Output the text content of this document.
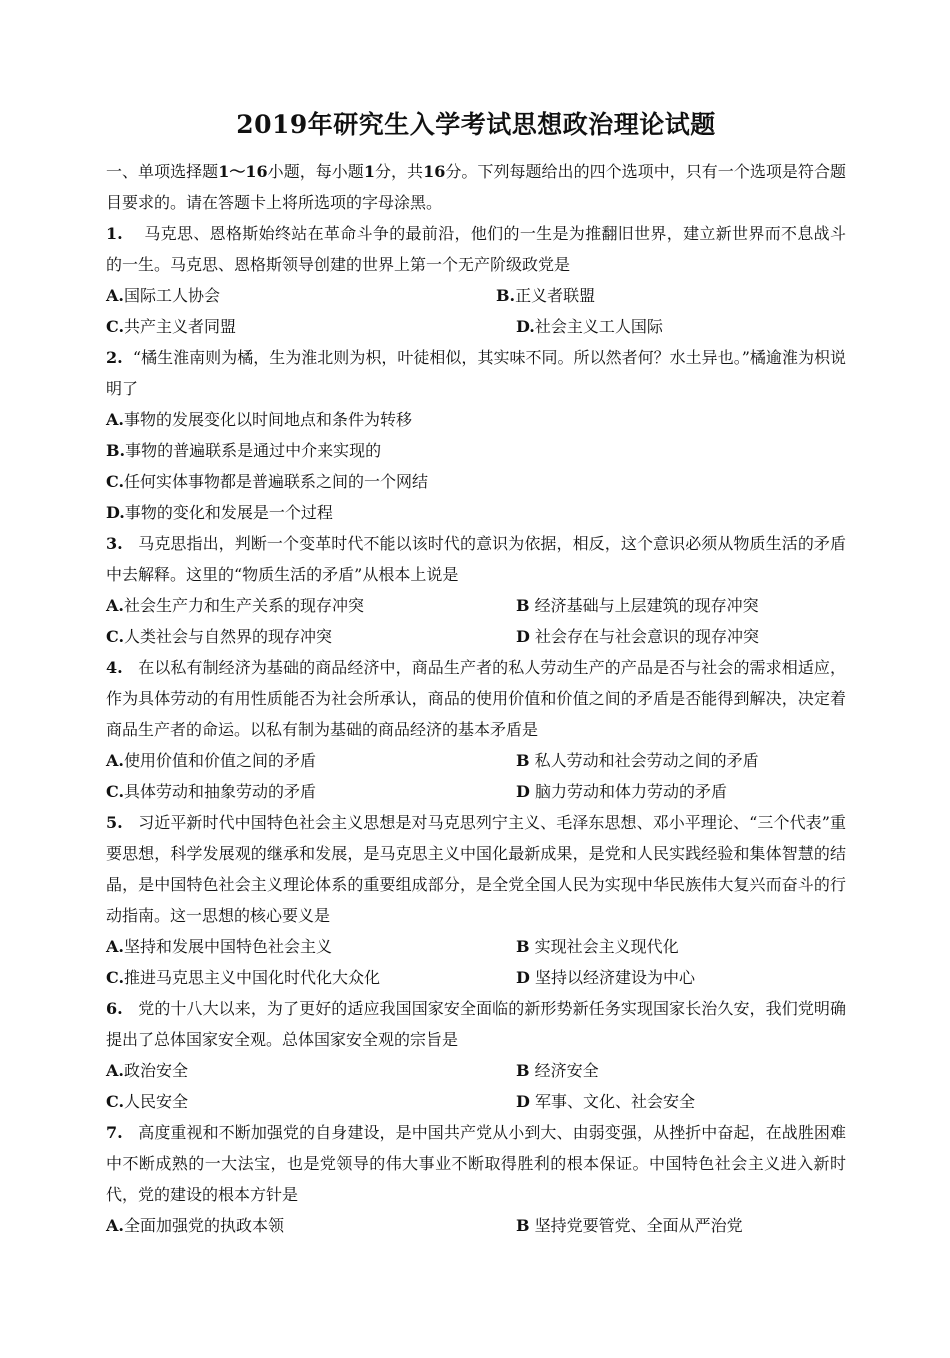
2019年研究生入学考试思想政治理论试题

一、单项选择题1～16小题，每小题1分，共16分。下列每题给出的四个选项中，只有一个选项是符合题目要求的。请在答题卡上将所选项的字母涂黑。

1. 马克思、恩格斯始终站在革命斗争的最前沿，他们的一生是为推翻旧世界，建立新世界而不息战斗的一生。马克思、恩格斯领导创建的世界上第一个无产阶级政党是

A.国际工人协会	B.正义者联盟
C.共产主义者同盟	D.社会主义工人国际

2. “橘生淮南则为橘，生为淮北则为枳，叶徒相似，其实味不同。所以然者何？水土异也。”橘逾淮为枳说明了

A.事物的发展变化以时间地点和条件为转移
B.事物的普遍联系是通过中介来实现的
C.任何实体事物都是普遍联系之间的一个网结
D.事物的变化和发展是一个过程

3. 马克思指出，判断一个变革时代不能以该时代的意识为依据，相反，这个意识必须从物质生活的矛盾中去解释。这里的“物质生活的矛盾”从根本上说是

A.社会生产力和生产关系的现存冲突	B 经济基础与上层建筑的现存冲突
C.人类社会与自然界的现存冲突	D 社会存在与社会意识的现存冲突

4. 在以私有制经济为基础的商品经济中，商品生产者的私人劳动生产的产品是否与社会的需求相适应，作为具体劳动的有用性质能否为社会所承认，商品的使用价值和价值之间的矛盾是否能得到解决，决定着商品生产者的命运。以私有制为基础的商品经济的基本矛盾是

A.使用价值和价值之间的矛盾	B 私人劳动和社会劳动之间的矛盾
C.具体劳动和抽象劳动的矛盾	D 脑力劳动和体力劳动的矛盾

5. 习近平新时代中国特色社会主义思想是对马克思列宁主义、毛泽东思想、邓小平理论、“三个代表”重要思想，科学发展观的继承和发展，是马克思主义中国化最新成果，是党和人民实践经验和集体智慧的结晶，是中国特色社会主义理论体系的重要组成部分，是全党全国人民为实现中华民族伟大复兴而奋斗的行动指南。这一思想的核心要义是

A.坚持和发展中国特色社会主义	B 实现社会主义现代化
C.推进马克思主义中国化时代化大众化	D 坚持以经济建设为中心

6. 党的十八大以来，为了更好的适应我国国家安全面临的新形势新任务实现国家长治久安，我们党明确提出了总体国家安全观。总体国家安全观的宗旨是

A.政治安全	B 经济安全
C.人民安全	D 军事、文化、社会安全

7. 高度重视和不断加强党的自身建设，是中国共产党从小到大、由弱变强，从挫折中奋起，在战胜困难中不断成熟的一大法宝，也是党领导的伟大事业不断取得胜利的根本保证。中国特色社会主义进入新时代，党的建设的根本方针是

A.全面加强党的执政本领	B 坚持党要管党、全面从严治党
